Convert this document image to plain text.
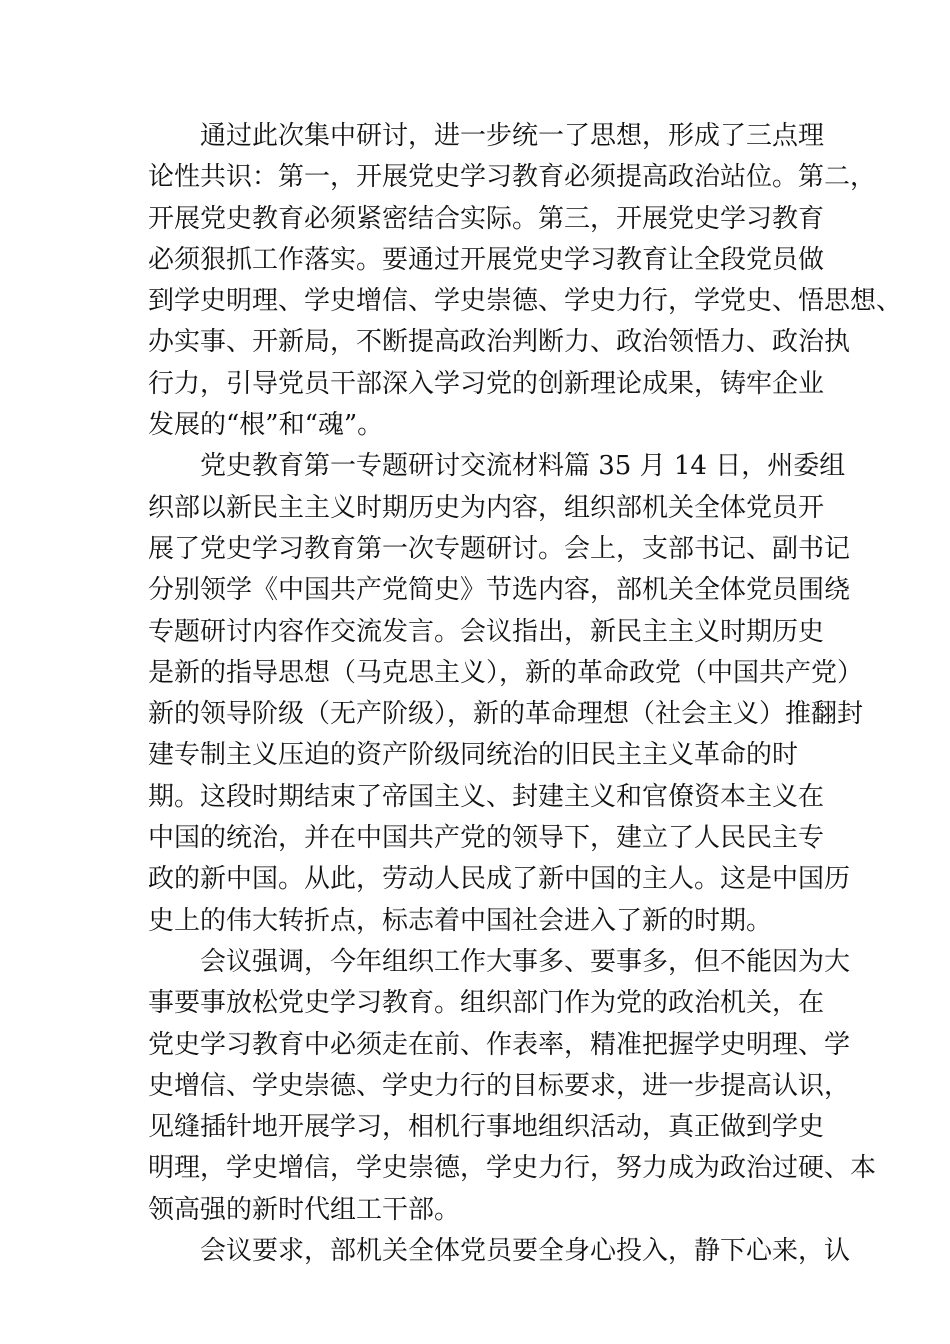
通过此次集中研讨，进一步统一了思想，形成了三点理
论性共识：第一，开展党史学习教育必须提高政治站位。第二，
开展党史教育必须紧密结合实际。第三，开展党史学习教育
必须狠抓工作落实。要通过开展党史学习教育让全段党员做
到学史明理、学史增信、学史崇德、学史力行，学党史、悟思想、
办实事、开新局，不断提高政治判断力、政治领悟力、政治执
行力，引导党员干部深入学习党的创新理论成果，铸牢企业
发展的“根”和“魂”。
党史教育第一专题研讨交流材料篇 35 月 14 日，州委组
织部以新民主主义时期历史为内容，组织部机关全体党员开
展了党史学习教育第一次专题研讨。会上，支部书记、副书记
分别领学《中国共产党简史》节选内容，部机关全体党员围绕
专题研讨内容作交流发言。会议指出，新民主主义时期历史
是新的指导思想（马克思主义），新的革命政党（中国共产党）
新的领导阶级（无产阶级），新的革命理想（社会主义）推翻封
建专制主义压迫的资产阶级同统治的旧民主主义革命的时
期。这段时期结束了帝国主义、封建主义和官僚资本主义在
中国的统治，并在中国共产党的领导下，建立了人民民主专
政的新中国。从此，劳动人民成了新中国的主人。这是中国历
史上的伟大转折点，标志着中国社会进入了新的时期。
会议强调，今年组织工作大事多、要事多，但不能因为大
事要事放松党史学习教育。组织部门作为党的政治机关，在
党史学习教育中必须走在前、作表率，精准把握学史明理、学
史增信、学史崇德、学史力行的目标要求，进一步提高认识，
见缝插针地开展学习，相机行事地组织活动，真正做到学史
明理，学史增信，学史崇德，学史力行，努力成为政治过硬、本
领高强的新时代组工干部。
会议要求，部机关全体党员要全身心投入，静下心来，认
